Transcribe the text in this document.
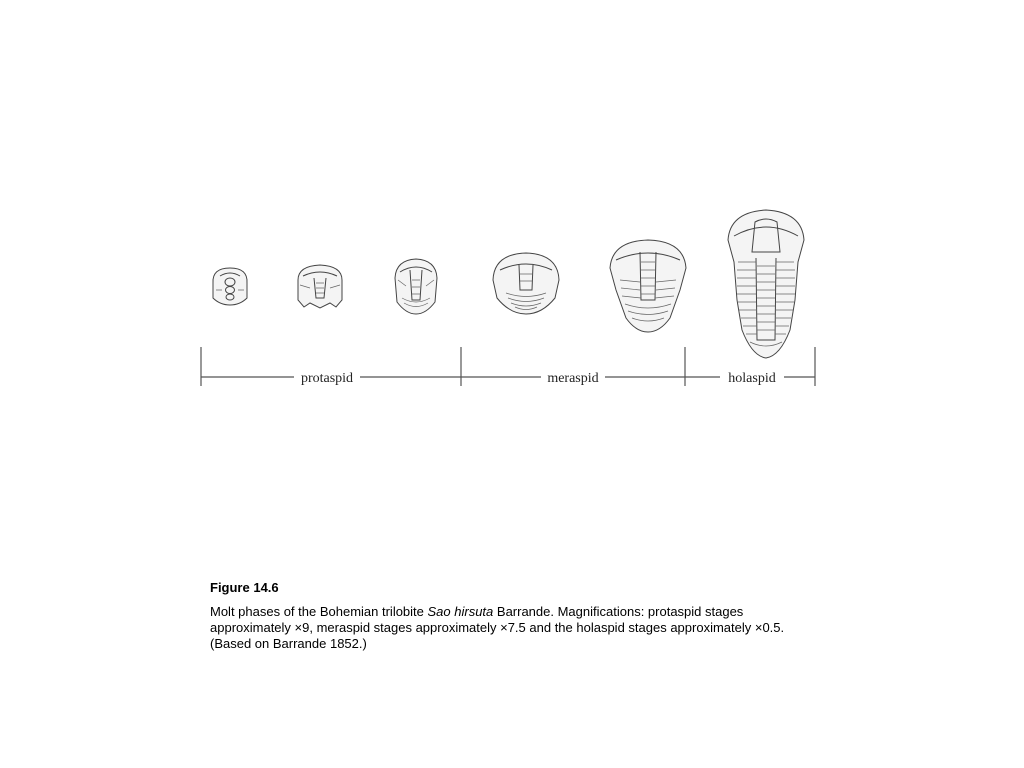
protaspid	meraspid	holaspid

Figure 14.6

Molt phases of the Bohemian trilobite Sao hirsuta Barrande. Magnifications: protaspid stages approximately ×9, meraspid stages approximately ×7.5 and the holaspid stages approximately ×0.5. (Based on Barrande 1852.)
